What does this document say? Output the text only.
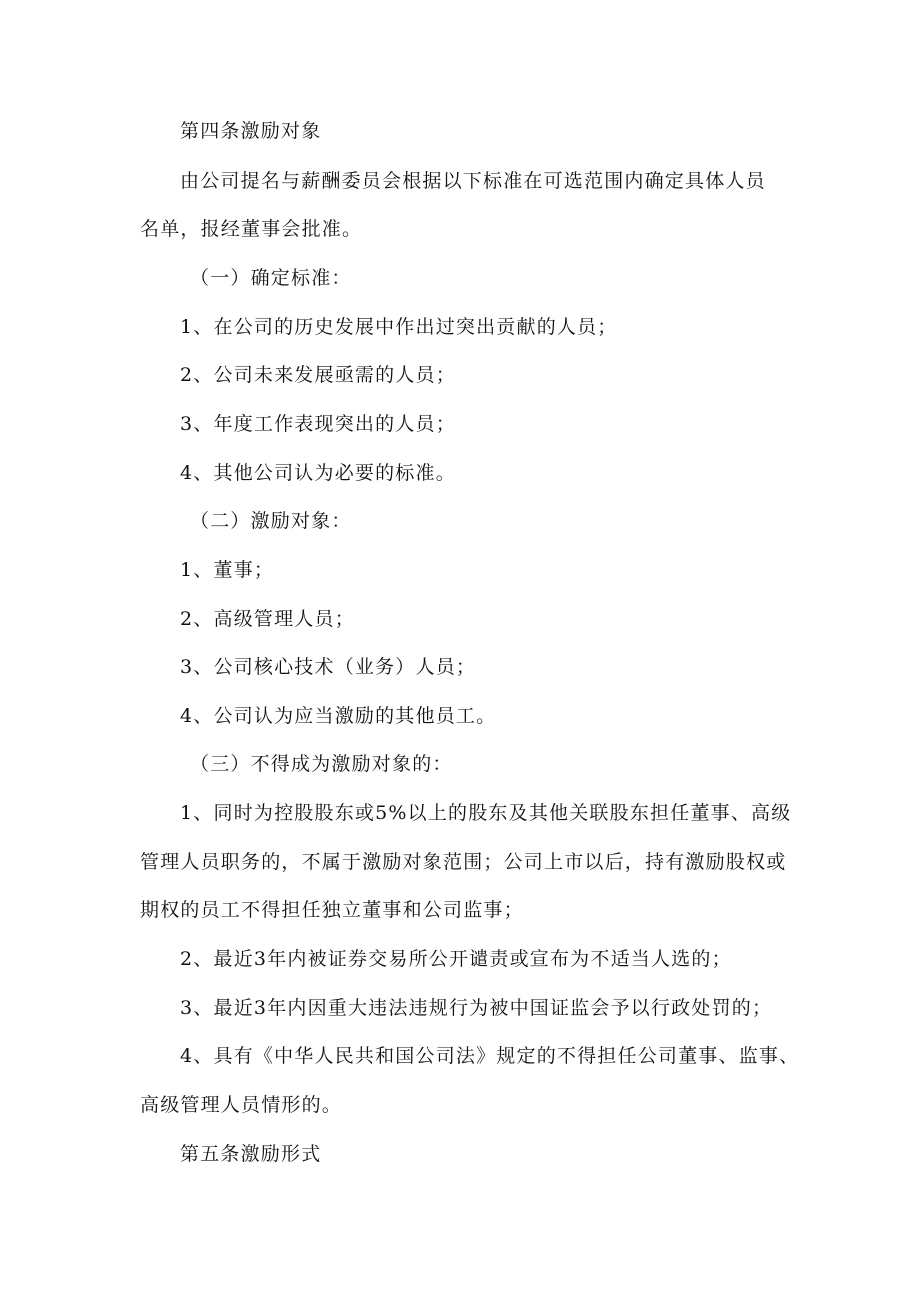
第四条激励对象
由公司提名与薪酬委员会根据以下标准在可选范围内确定具体人员
名单，报经董事会批准。
（一）确定标准：
1、在公司的历史发展中作出过突出贡献的人员；
2、公司未来发展亟需的人员；
3、年度工作表现突出的人员；
4、其他公司认为必要的标准。
（二）激励对象：
1、董事；
2、高级管理人员；
3、公司核心技术（业务）人员；
4、公司认为应当激励的其他员工。
（三）不得成为激励对象的：
1、同时为控股股东或5%以上的股东及其他关联股东担任董事、高级
管理人员职务的，不属于激励对象范围；公司上市以后，持有激励股权或
期权的员工不得担任独立董事和公司监事；
2、最近3年内被证券交易所公开谴责或宣布为不适当人选的；
3、最近3年内因重大违法违规行为被中国证监会予以行政处罚的；
4、具有《中华人民共和国公司法》规定的不得担任公司董事、监事、
高级管理人员情形的。
第五条激励形式
